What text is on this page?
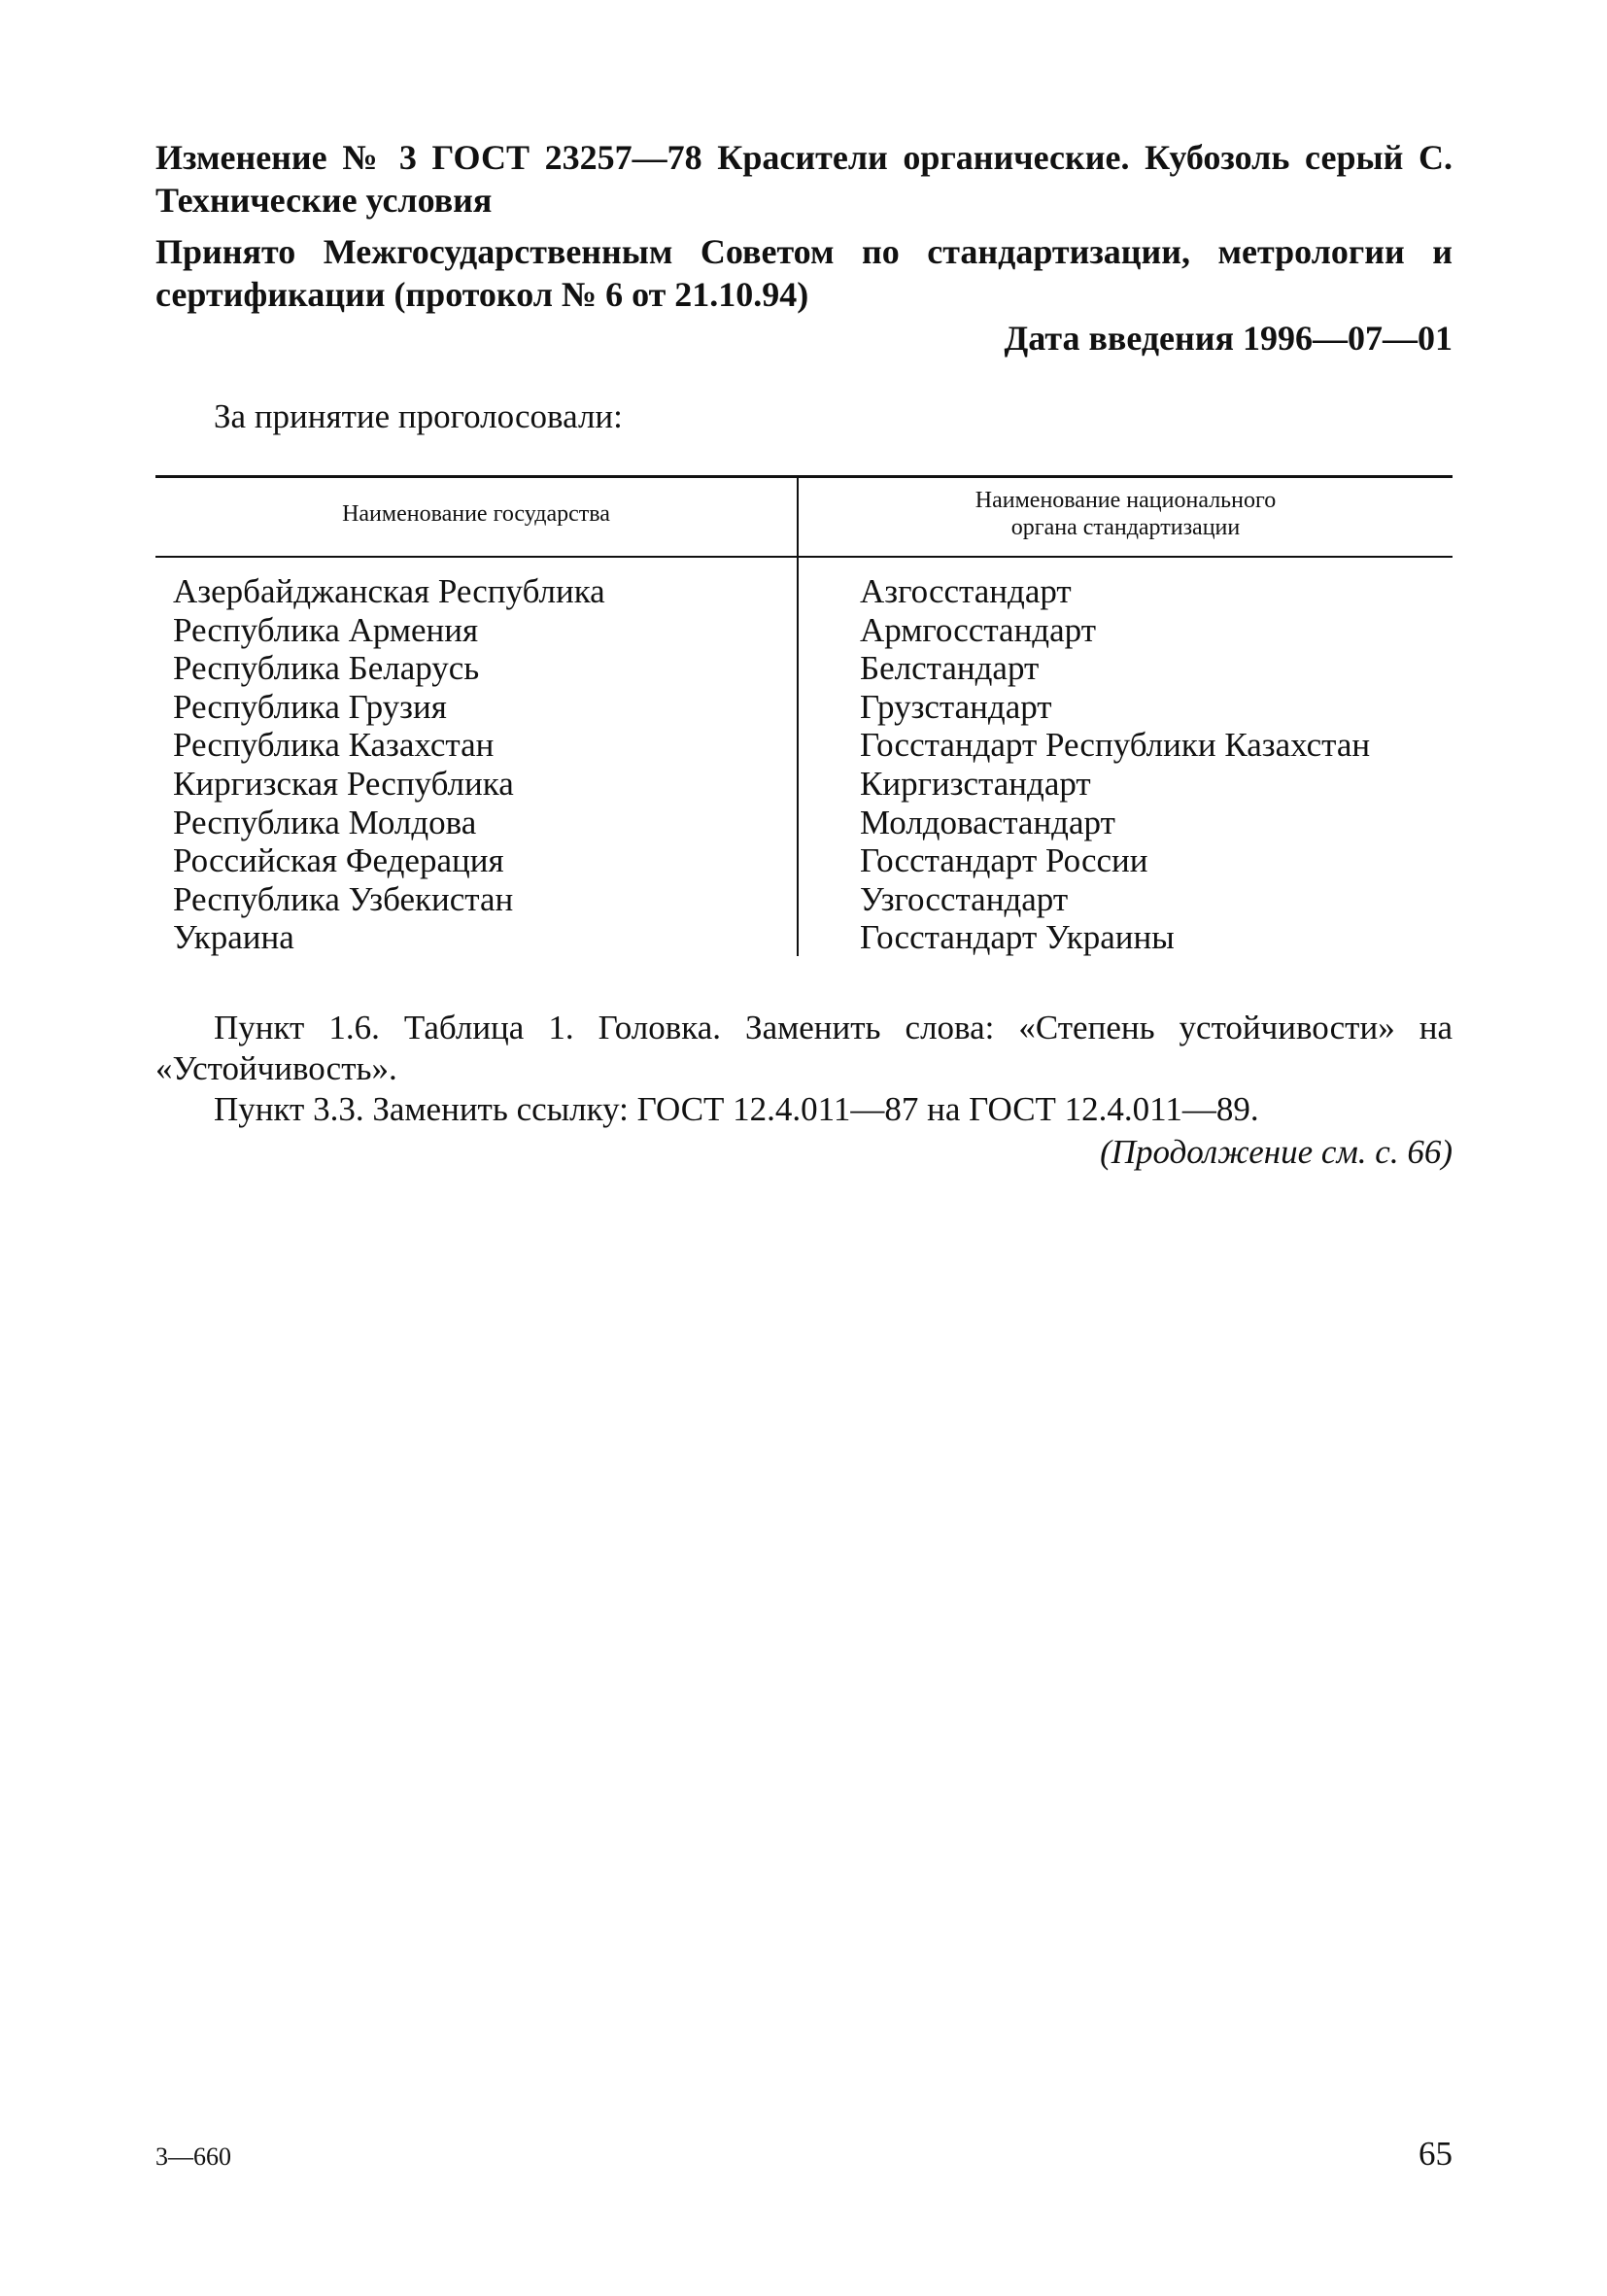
Изменение № 3 ГОСТ 23257—78 Красители органические. Кубозоль серый С. Технические условия

Принято Межгосударственным Советом по стандартизации, метрологии и сертификации (протокол № 6 от 21.10.94)

Дата введения 1996—07—01

За принятие проголосовали:

Наименование государства

Наименование национального органа стандартизации

Азербайджанская Республика
Республика Армения
Республика Беларусь
Республика Грузия
Республика Казахстан
Киргизская Республика
Республика Молдова
Российская Федерация
Республика Узбекистан
Украина
Азгосстандарт
Армгосстандарт
Белстандарт
Грузстандарт
Госстандарт Республики Казахстан
Киргизстандарт
Молдовастандарт
Госстандарт России
Узгосстандарт
Госстандарт Украины

Пункт 1.6. Таблица 1. Головка. Заменить слова: «Степень устойчивости» на «Устойчивость».

Пункт 3.3. Заменить ссылку: ГОСТ 12.4.011—87 на ГОСТ 12.4.011—89.

(Продолжение см. с. 66)

3—660	65
